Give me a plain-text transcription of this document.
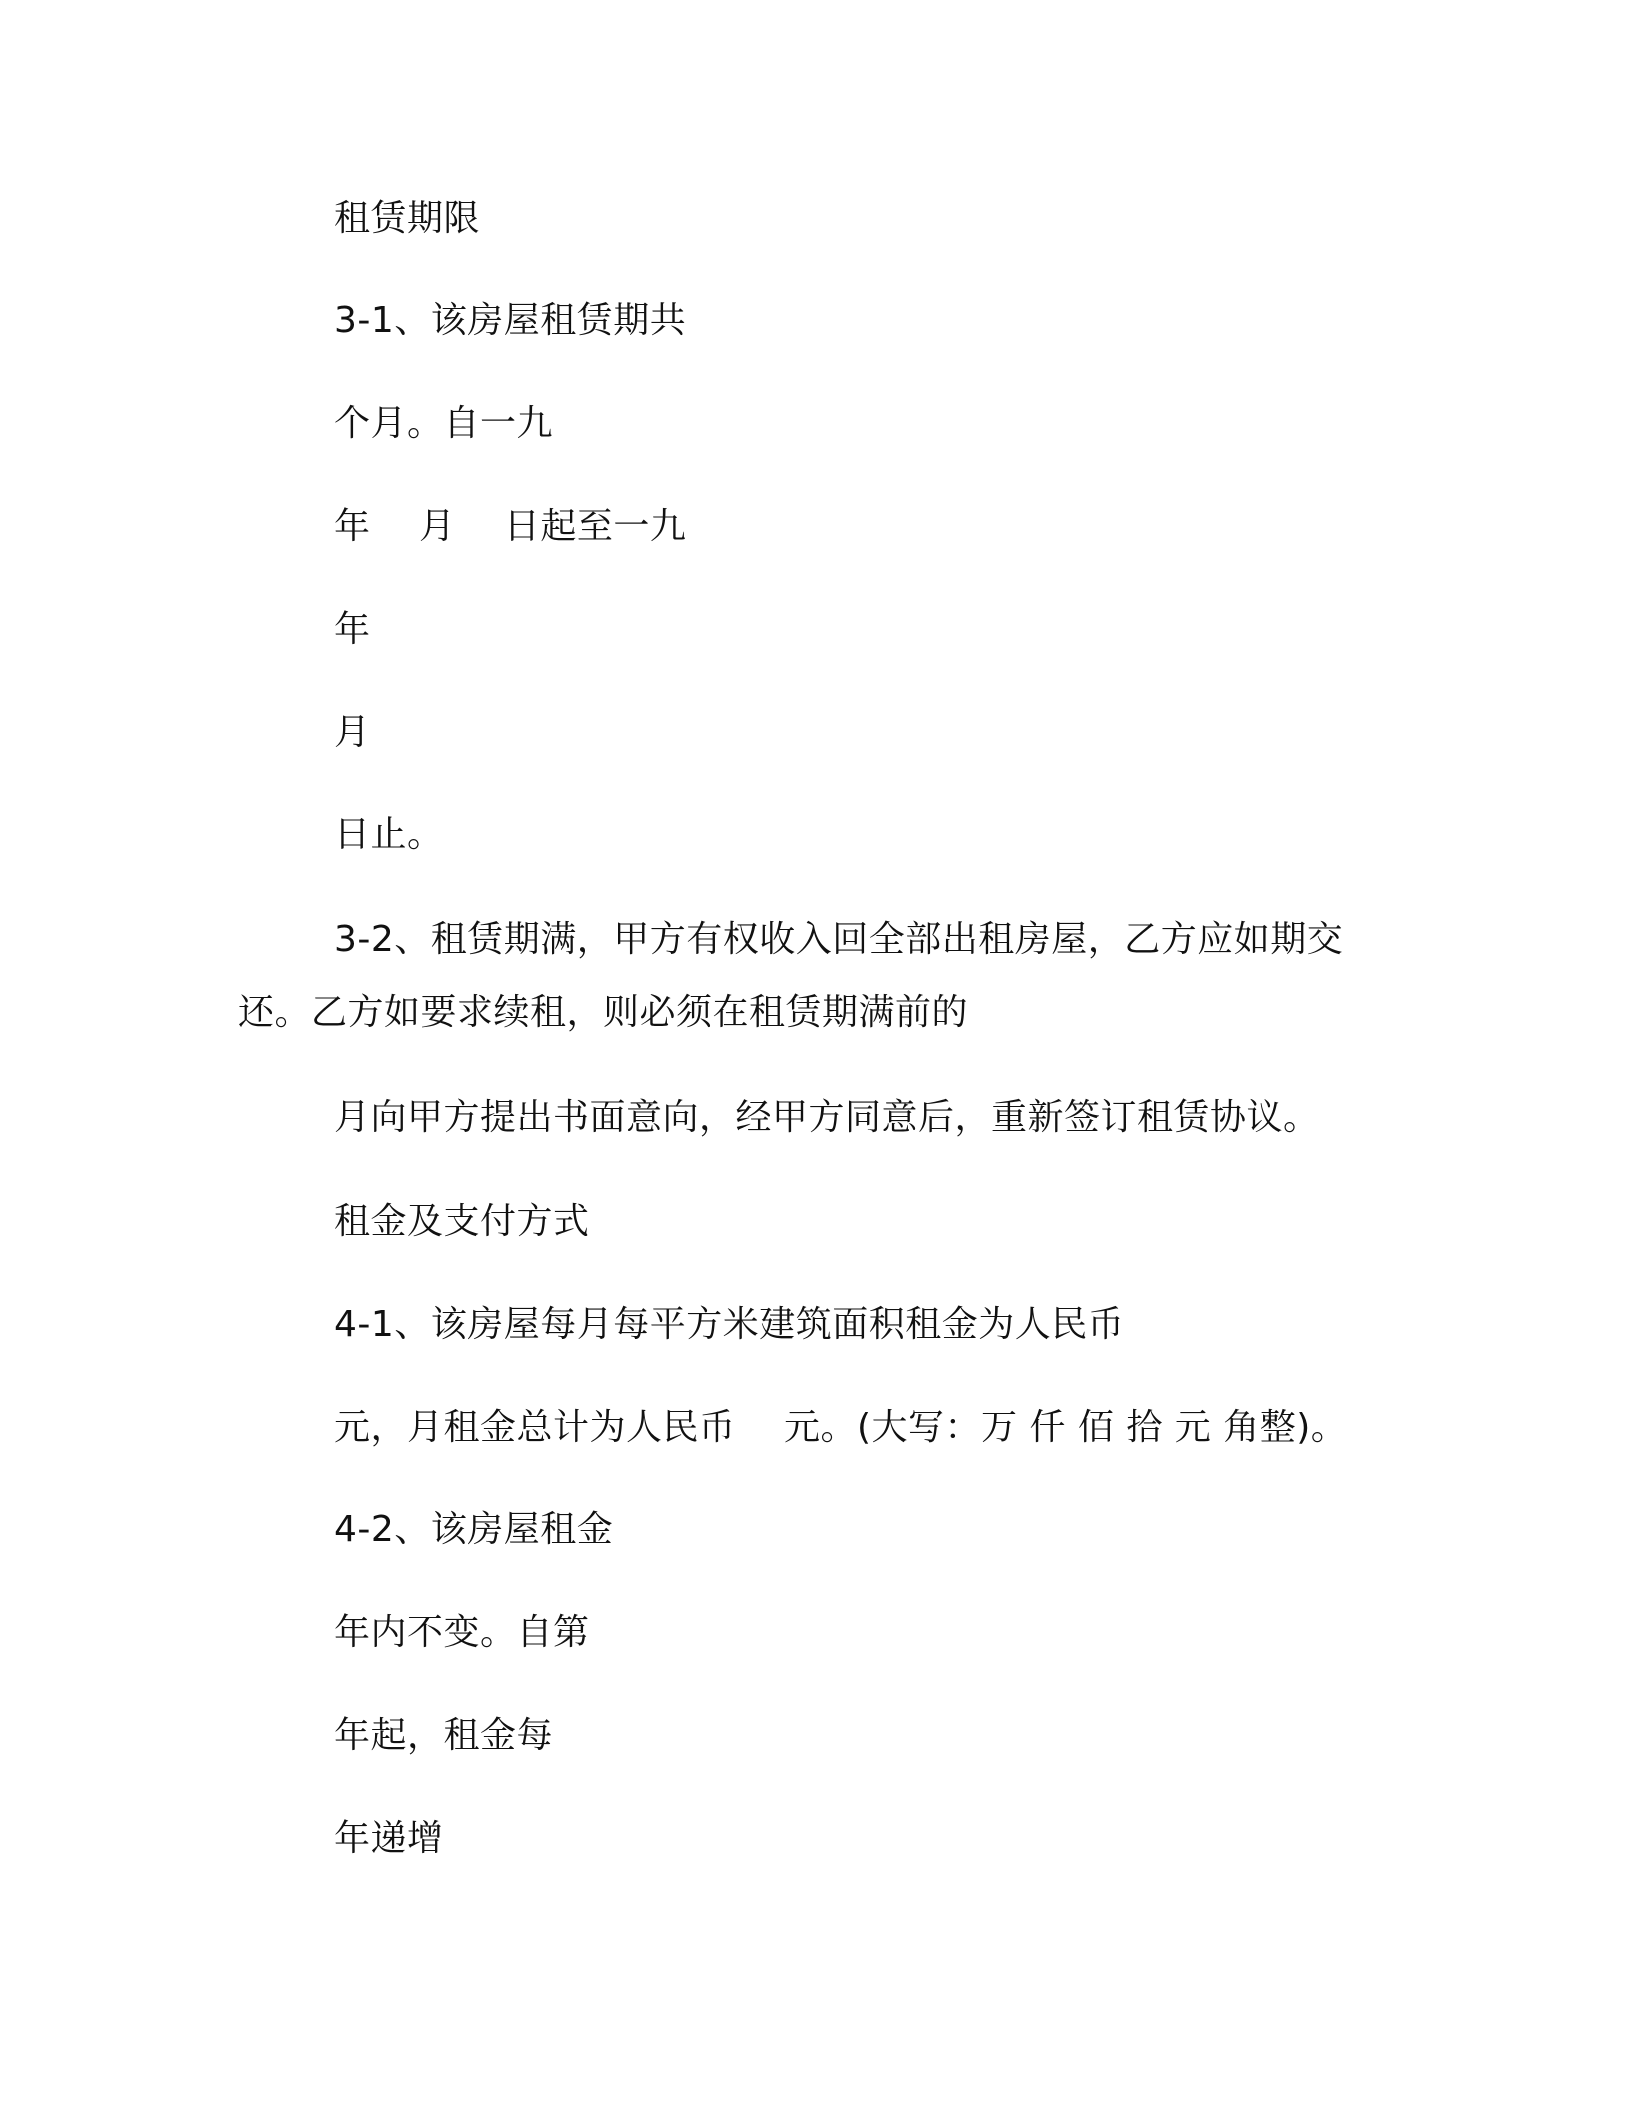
租赁期限
3-1、该房屋租赁期共
个月。自一九
年　 月　 日起至一九
年
月
日止。
3-2、租赁期满，甲方有权收入回全部出租房屋，乙方应如期交
还。乙方如要求续租，则必须在租赁期满前的
月向甲方提出书面意向，经甲方同意后，重新签订租赁协议。
租金及支付方式
4-1、该房屋每月每平方米建筑面积租金为人民币
元，月租金总计为人民币　 元。(大写：万 仟 佰 拾 元 角整)。
4-2、该房屋租金
年内不变。自第
年起，租金每
年递增
